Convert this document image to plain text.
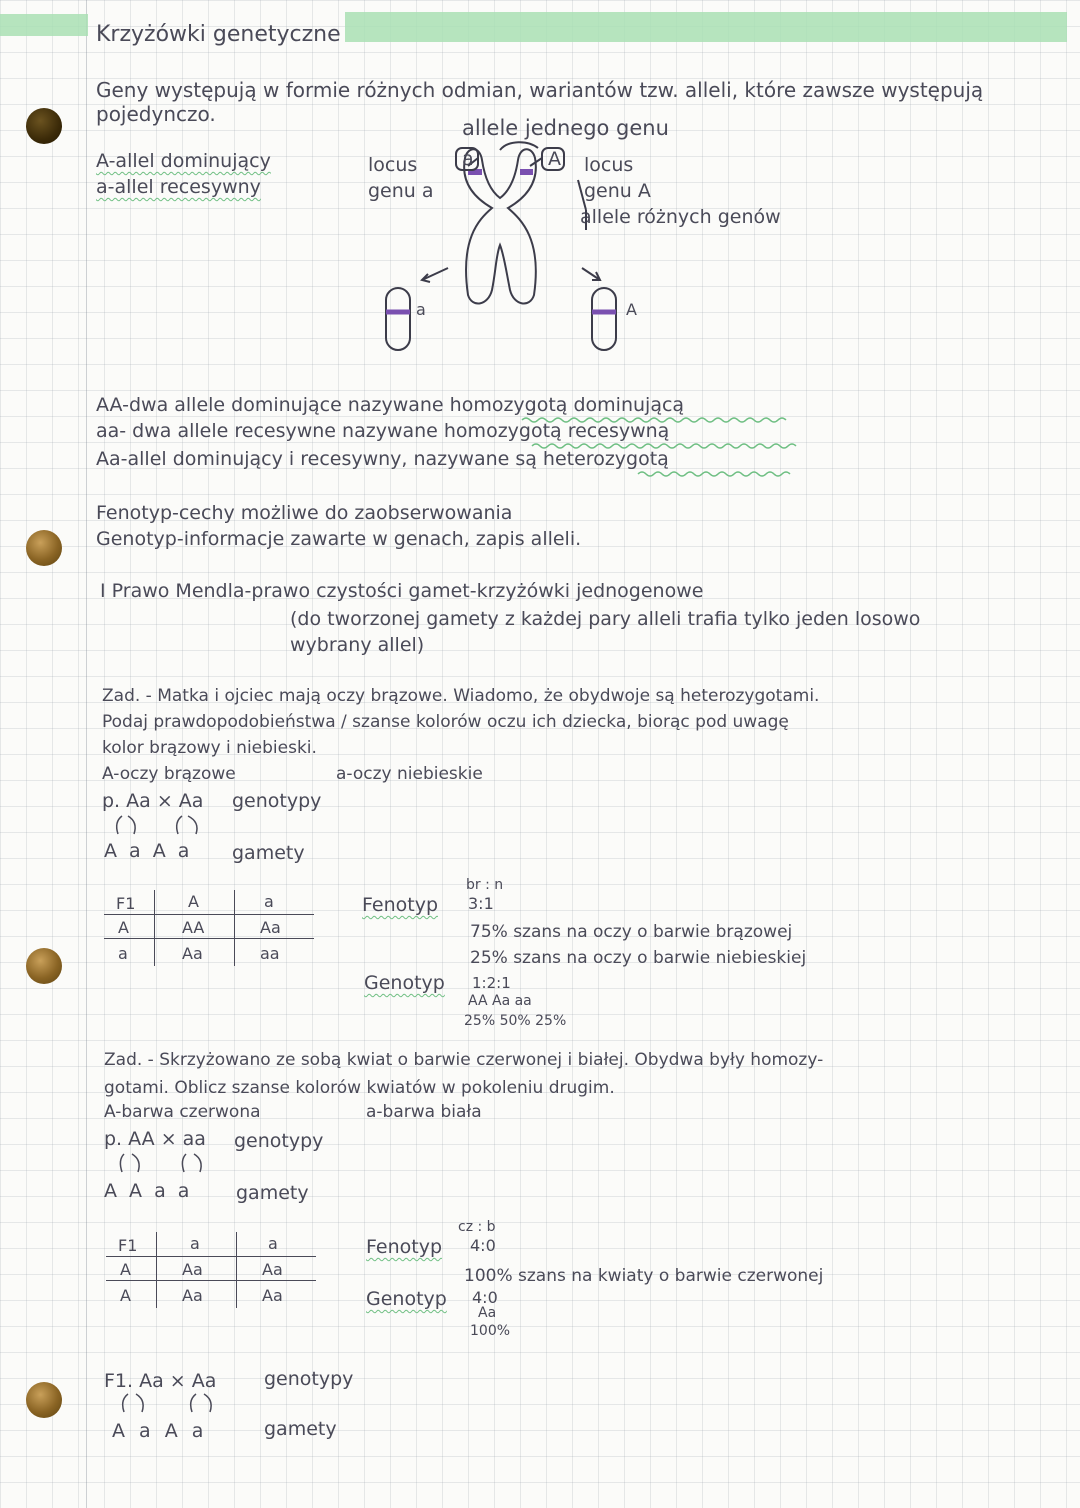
Krzyżówki genetyczne
Geny występują w formie różnych odmian, wariantów tzw. alleli, które zawsze występują
pojedynczo.
allele jednego genu
A-allel dominujący
a-allel recesywny
locus
genu a
locus
genu A
allele różnych genów
a	A
a	A
AA-dwa allele dominujące nazywane homozygotą dominującą
aa- dwa allele recesywne nazywane homozygotą recesywną
Aa-allel dominujący i recesywny, nazywane są heterozygotą
Fenotyp-cechy możliwe do zaobserwowania
Genotyp-informacje zawarte w genach, zapis alleli.
I Prawo Mendla-prawo czystości gamet-krzyżówki jednogenowe
(do tworzonej gamety z każdej pary alleli trafia tylko jeden losowo
wybrany allel)
Zad. - Matka i ojciec mają oczy brązowe. Wiadomo, że obydwoje są heterozygotami.
Podaj prawdopodobieństwa / szanse kolorów oczu ich dziecka, biorąc pod uwagę
kolor brązowy i niebieski.
A-oczy brązowe	a-oczy niebieskie
p. Aa × Aa genotypy
A a A a gamety
F1	A	a
A	AA	Aa
a	Aa	aa
br : n
Fenotyp 3:1
75% szans na oczy o barwie brązowej
25% szans na oczy o barwie niebieskiej
Genotyp 1:2:1
AA Aa aa
25% 50% 25%
Zad. - Skrzyżowano ze sobą kwiat o barwie czerwonej i białej. Obydwa były homozy-
gotami. Oblicz szanse kolorów kwiatów w pokoleniu drugim.
A-barwa czerwona	a-barwa biała
p. AA × aa genotypy
A A a a gamety
F1	a	a
A	Aa	Aa
A	Aa	Aa
cz : b
Fenotyp 4:0
100% szans na kwiaty o barwie czerwonej
Genotyp 4:0
Aa
100%
F1. Aa × Aa	genotypy
A a A a	gamety
